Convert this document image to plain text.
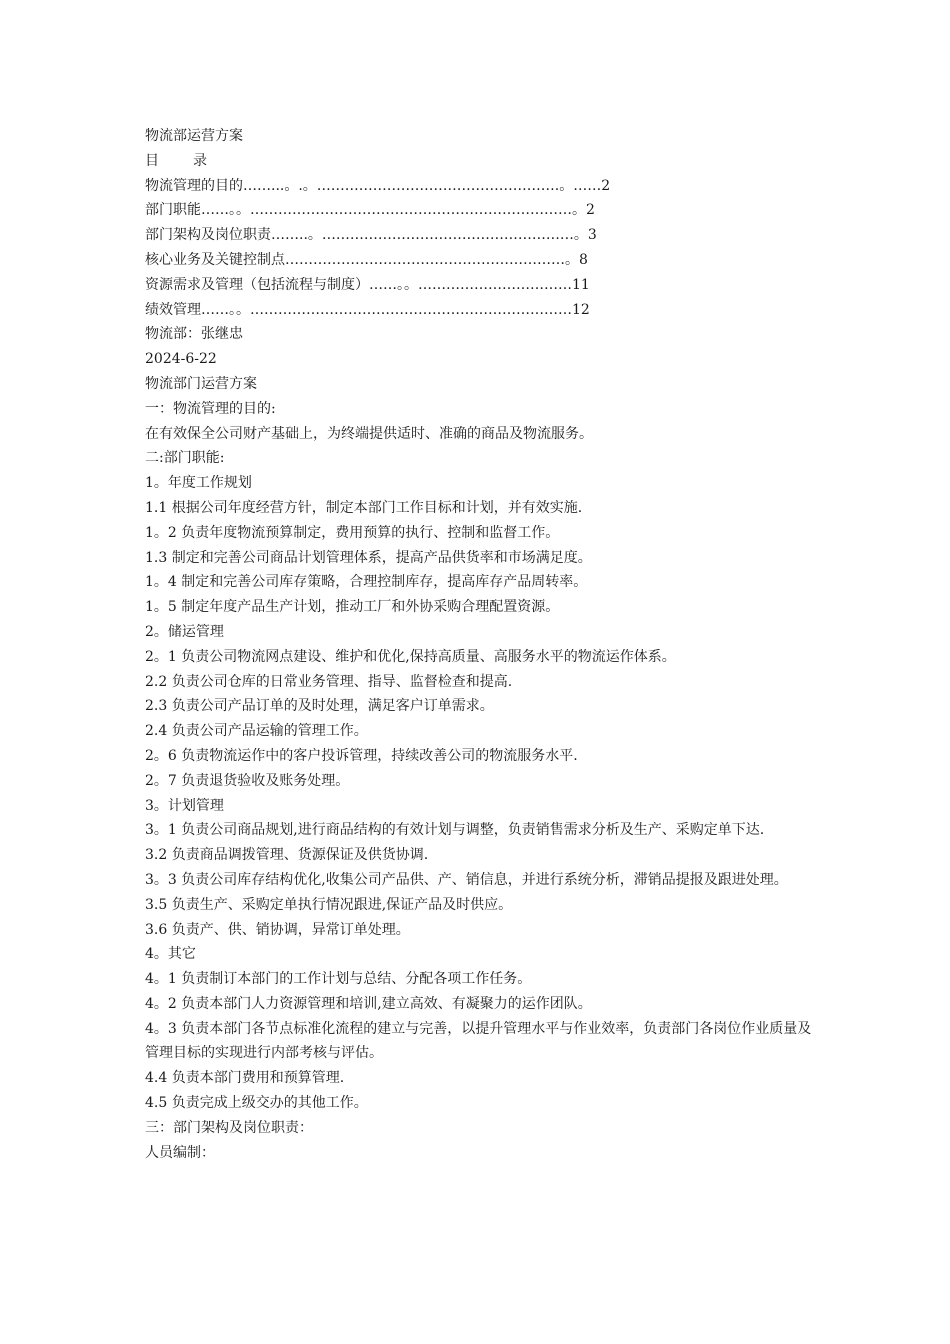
物流部运营方案

目 录

物流管理的目的……...。.。…………………………………………….。……2

部门职能……。。……………………………………………………………。2

部门架构及岗位职责……..。………………………………………………。3

核心业务及关键控制点……………………………………………………。8

资源需求及管理（包括流程与制度）……。。……………………………11

绩效管理……。。……………………………………………………………12

物流部：张继忠

2024-6-22

物流部门运营方案

一：物流管理的目的:

在有效保全公司财产基础上，为终端提供适时、准确的商品及物流服务。

二:部门职能:

1。年度工作规划

1.1 根据公司年度经营方针，制定本部门工作目标和计划，并有效实施.

1。2 负责年度物流预算制定，费用预算的执行、控制和监督工作。

1.3 制定和完善公司商品计划管理体系，提高产品供货率和市场满足度。

1。4 制定和完善公司库存策略，合理控制库存，提高库存产品周转率。

1。5 制定年度产品生产计划，推动工厂和外协采购合理配置资源。

2。储运管理

2。1 负责公司物流网点建设、维护和优化,保持高质量、高服务水平的物流运作体系。

2.2 负责公司仓库的日常业务管理、指导、监督检查和提高.

2.3 负责公司产品订单的及时处理，满足客户订单需求。

2.4 负责公司产品运输的管理工作。

2。6 负责物流运作中的客户投诉管理，持续改善公司的物流服务水平.

2。7 负责退货验收及账务处理。

3。计划管理

3。1 负责公司商品规划,进行商品结构的有效计划与调整，负责销售需求分析及生产、采购定单下达.

3.2 负责商品调拨管理、货源保证及供货协调.

3。3 负责公司库存结构优化,收集公司产品供、产、销信息，并进行系统分析，滞销品提报及跟进处理。

3.5 负责生产、采购定单执行情况跟进,保证产品及时供应。

3.6 负责产、供、销协调，异常订单处理。

4。其它

4。1 负责制订本部门的工作计划与总结、分配各项工作任务。

4。2 负责本部门人力资源管理和培训,建立高效、有凝聚力的运作团队。

4。3 负责本部门各节点标准化流程的建立与完善，以提升管理水平与作业效率，负责部门各岗位作业质量及管理目标的实现进行内部考核与评估。

4.4 负责本部门费用和预算管理.

4.5 负责完成上级交办的其他工作。

三：部门架构及岗位职责：

人员编制：
